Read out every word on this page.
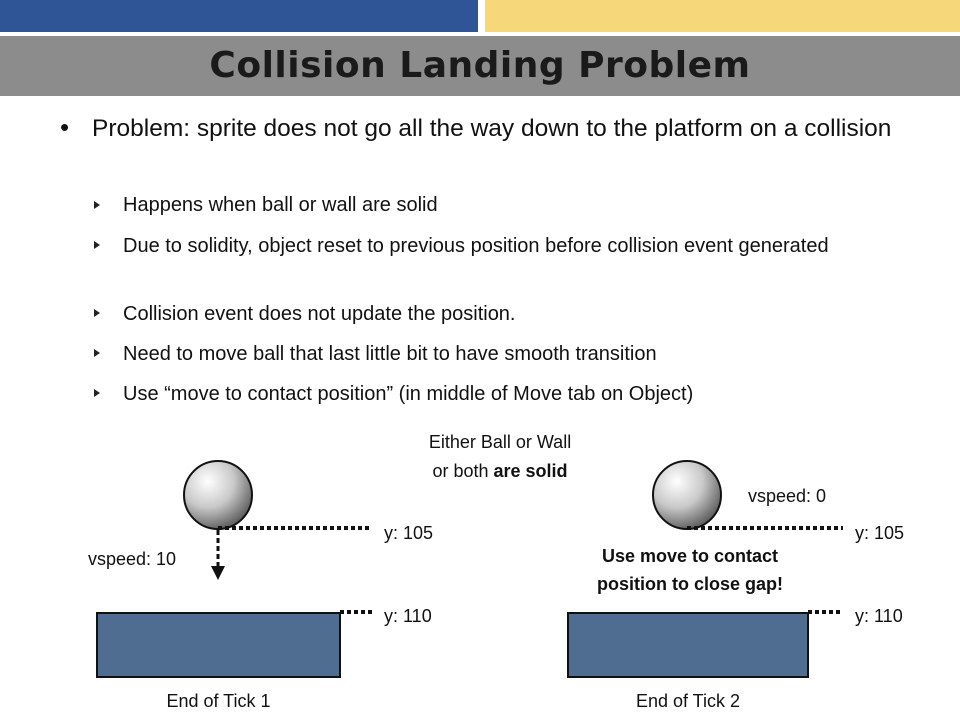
Collision Landing Problem
• Problem: sprite does not go all the way down to the platform on a collision
Happens when ball or wall are solid
Due to solidity, object reset to previous position before collision event generated
Collision event does not update the position.
Need to move ball that last little bit to have smooth transition
Use “move to contact position” (in middle of Move tab on Object)
Either Ball or Wall
or both are solid
y: 105
vspeed: 10
y: 110
End of Tick 1
vspeed: 0
y: 105
Use move to contact
position to close gap!
y: 110
End of Tick 2
